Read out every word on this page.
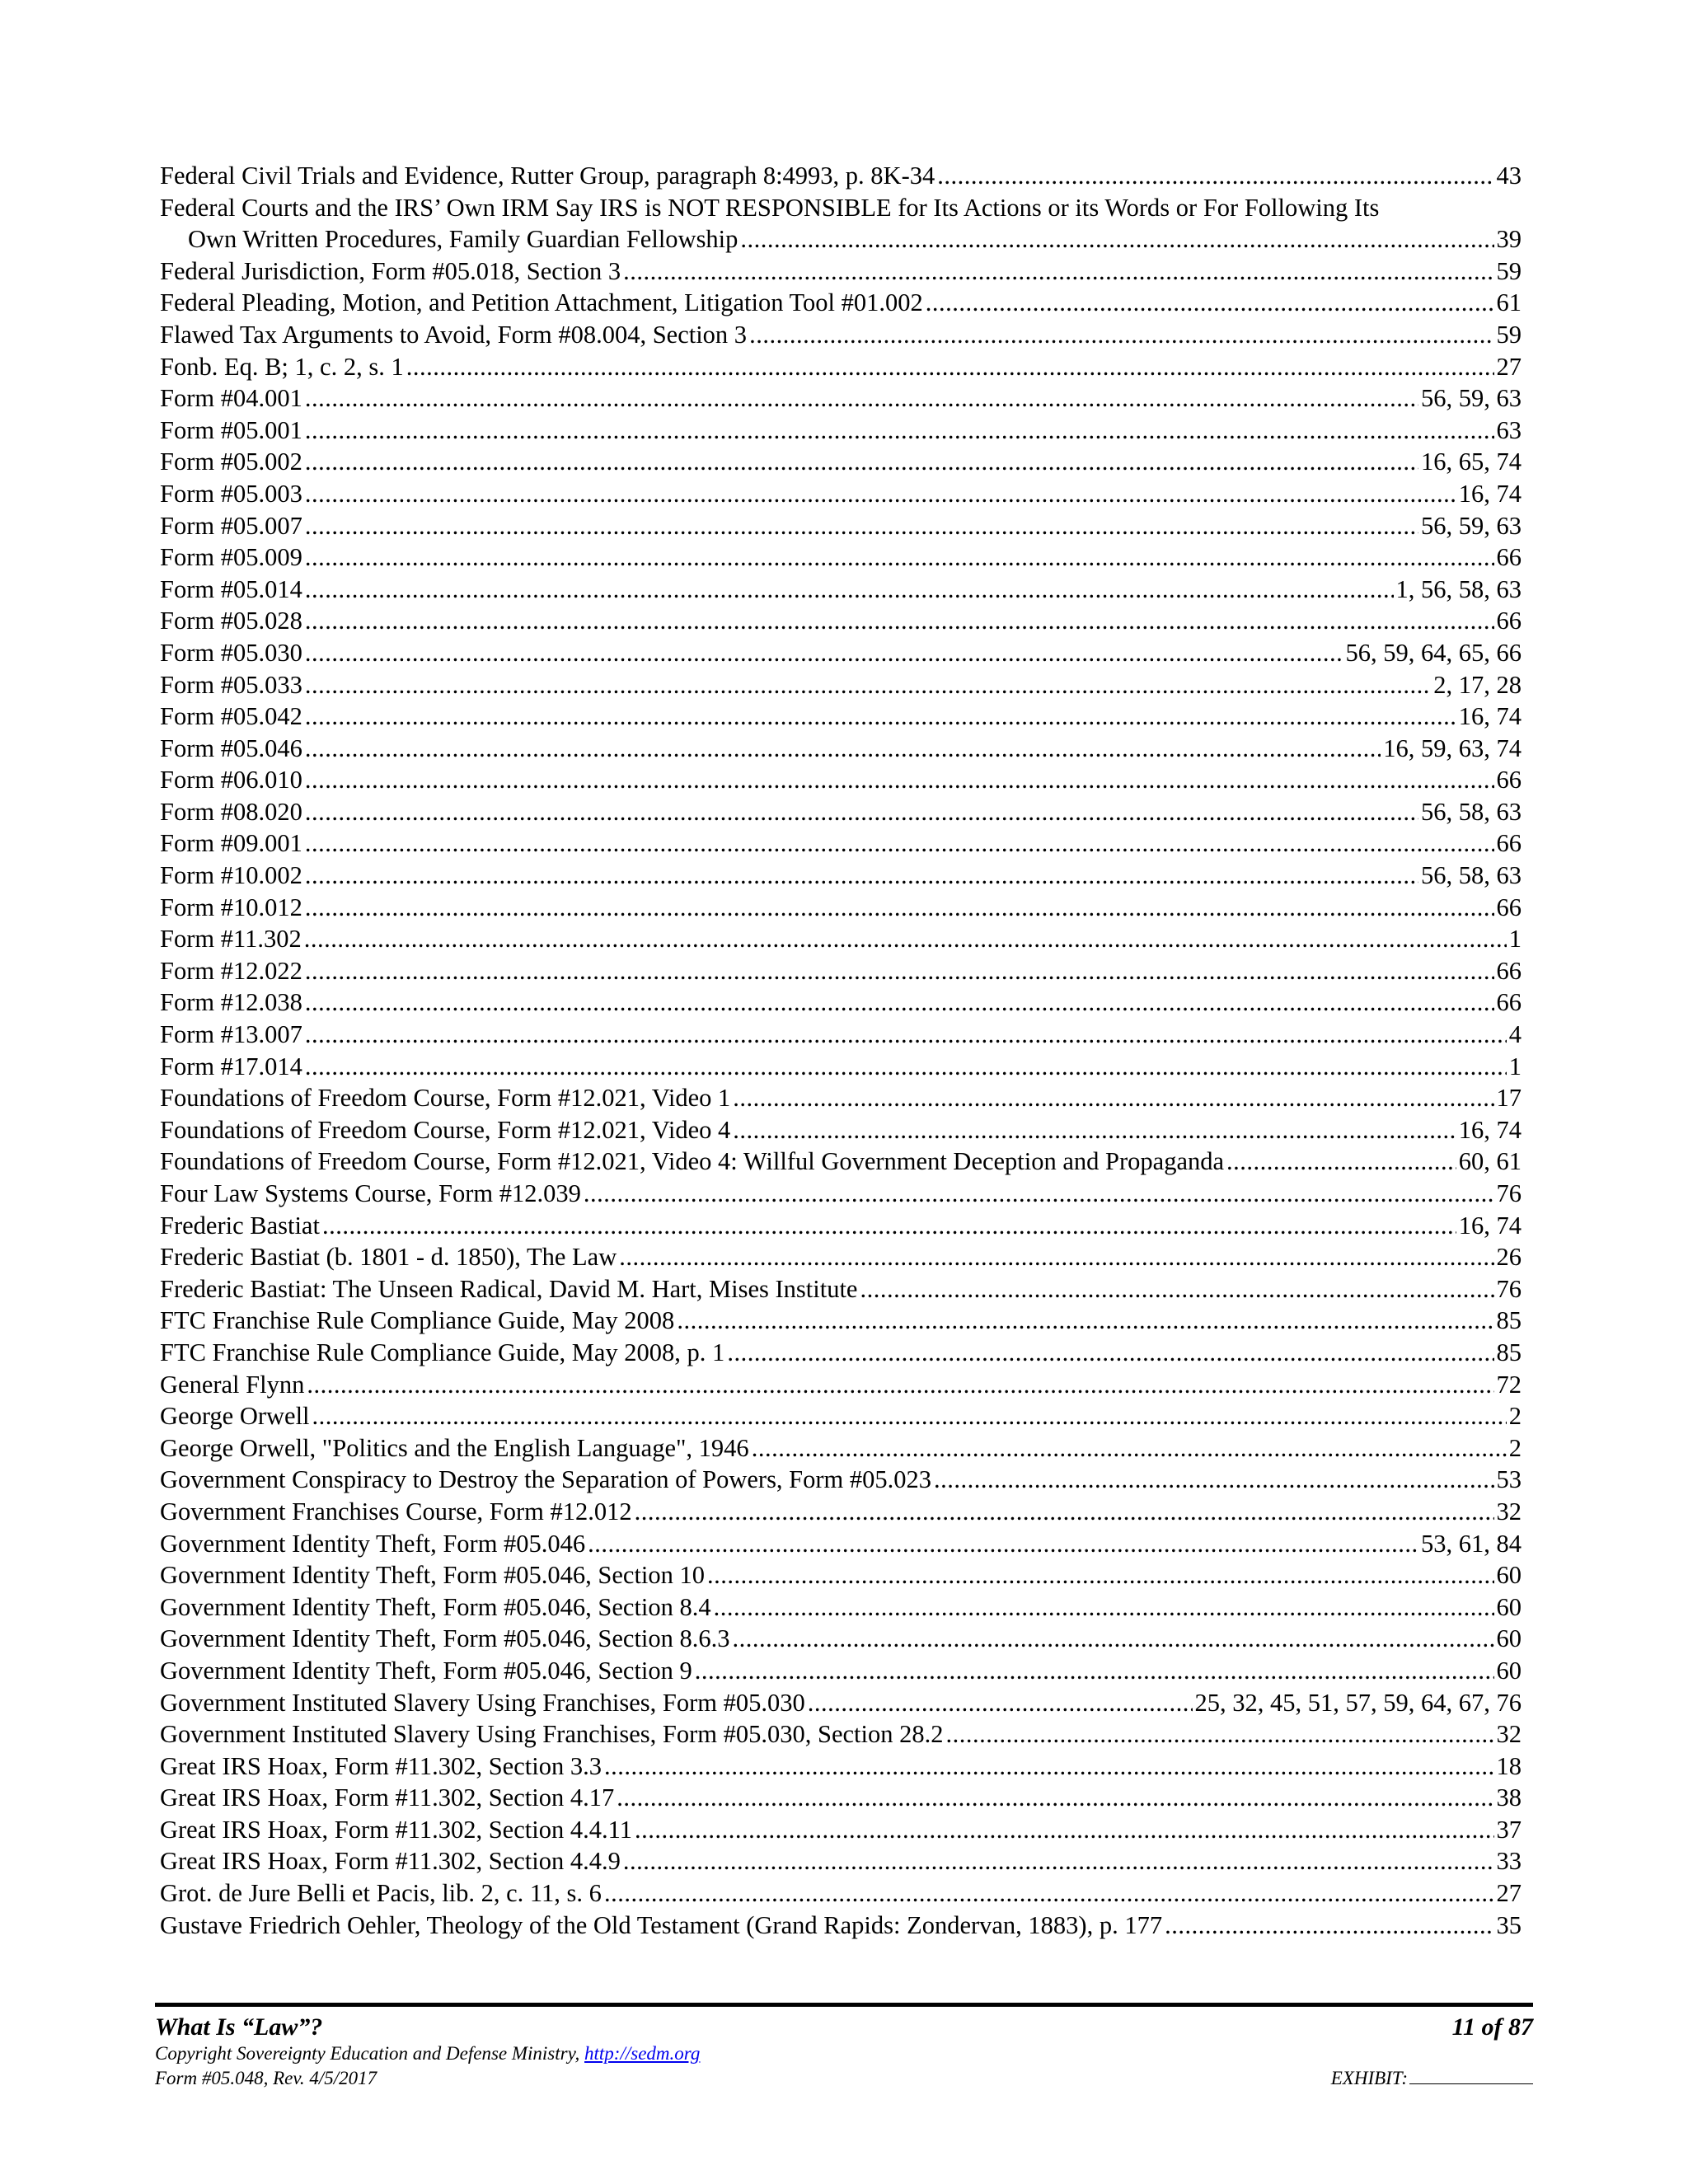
Federal Civil Trials and Evidence, Rutter Group, paragraph 8:4993, p. 8K-34 .....	43
Federal Courts and the IRS’ Own IRM Say IRS is NOT RESPONSIBLE for Its Actions or its Words or For Following Its
Own Written Procedures, Family Guardian Fellowship .....	39
Federal Jurisdiction, Form #05.018, Section 3 .....	59
Federal Pleading, Motion, and Petition Attachment, Litigation Tool #01.002 .....	61
Flawed Tax Arguments to Avoid, Form #08.004, Section 3 .....	59
Fonb. Eq. B; 1, c. 2, s. 1 .....	27
Form #04.001 .....	56, 59, 63
Form #05.001 .....	63
Form #05.002 .....	16, 65, 74
Form #05.003 .....	16, 74
Form #05.007 .....	56, 59, 63
Form #05.009 .....	66
Form #05.014 .....	1, 56, 58, 63
Form #05.028 .....	66
Form #05.030 .....	56, 59, 64, 65, 66
Form #05.033 .....	2, 17, 28
Form #05.042 .....	16, 74
Form #05.046 .....	16, 59, 63, 74
Form #06.010 .....	66
Form #08.020 .....	56, 58, 63
Form #09.001 .....	66
Form #10.002 .....	56, 58, 63
Form #10.012 .....	66
Form #11.302 .....	1
Form #12.022 .....	66
Form #12.038 .....	66
Form #13.007 .....	4
Form #17.014 .....	1
Foundations of Freedom Course, Form #12.021, Video 1 .....	17
Foundations of Freedom Course, Form #12.021, Video 4 .....	16, 74
Foundations of Freedom Course, Form #12.021, Video 4: Willful Government Deception and Propaganda .....	60, 61
Four Law Systems Course, Form #12.039 .....	76
Frederic Bastiat .....	16, 74
Frederic Bastiat (b. 1801 - d. 1850), The Law .....	26
Frederic Bastiat: The Unseen Radical, David M. Hart, Mises Institute .....	76
FTC Franchise Rule Compliance Guide, May 2008 .....	85
FTC Franchise Rule Compliance Guide, May 2008, p. 1 .....	85
General Flynn .....	72
George Orwell .....	2
George Orwell, "Politics and the English Language", 1946 .....	2
Government Conspiracy to Destroy the Separation of Powers, Form #05.023 .....	53
Government Franchises Course, Form #12.012 .....	32
Government Identity Theft, Form #05.046 .....	53, 61, 84
Government Identity Theft, Form #05.046, Section 10 .....	60
Government Identity Theft, Form #05.046, Section 8.4 .....	60
Government Identity Theft, Form #05.046, Section 8.6.3 .....	60
Government Identity Theft, Form #05.046, Section 9 .....	60
Government Instituted Slavery Using Franchises, Form #05.030 .....	25, 32, 45, 51, 57, 59, 64, 67, 76
Government Instituted Slavery Using Franchises, Form #05.030, Section 28.2 .....	32
Great IRS Hoax, Form #11.302, Section 3.3 .....	18
Great IRS Hoax, Form #11.302, Section 4.17 .....	38
Great IRS Hoax, Form #11.302, Section 4.4.11 .....	37
Great IRS Hoax, Form #11.302, Section 4.4.9 .....	33
Grot. de Jure Belli et Pacis, lib. 2, c. 11, s. 6 .....	27
Gustave Friedrich Oehler, Theology of the Old Testament (Grand Rapids: Zondervan, 1883), p. 177 .....	35
What Is “Law”?	11 of 87
Copyright Sovereignty Education and Defense Ministry, http://sedm.org
Form #05.048, Rev. 4/5/2017	EXHIBIT:
